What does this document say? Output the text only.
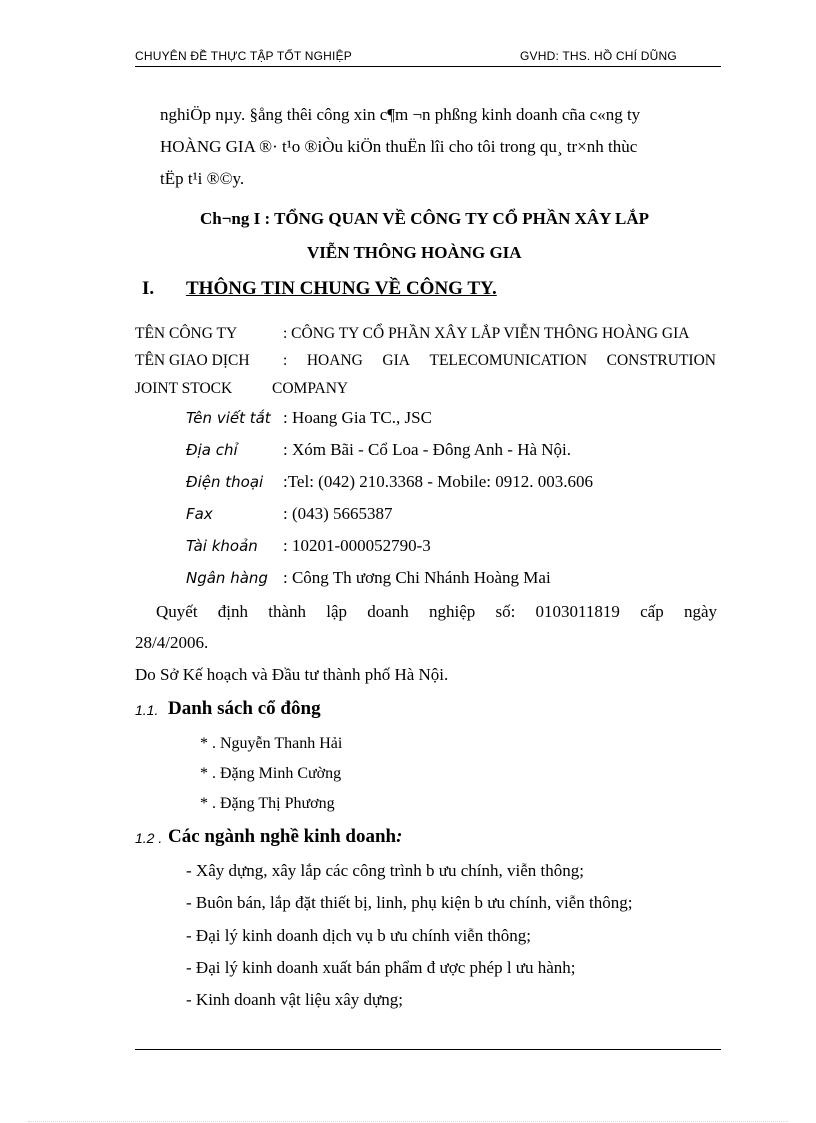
CHUYÊN ĐỀ THỰC TẬP TỐT NGHIỆP	GVHD: THS. HỒ CHÍ DŨNG
nghiÖp nµy. §ång thêi công xin c¶m ¬n phßng kinh doanh cña c«ng ty
HOÀNG GIA ®· t¹o ®iÒu kiÖn thuËn lîi cho tôi trong qu¸ tr×nh thùc
tËp t¹i ®©y.
Ch¬ng I : TỔNG QUAN VỀ CÔNG TY CỔ PHẦN XÂY LẮP
VIỄN THÔNG HOÀNG GIA
I. THÔNG TIN CHUNG VỀ CÔNG TY.
TÊN CÔNG TY	: CÔNG TY CỔ PHẦN XÂY LẮP VIỄN THÔNG HOÀNG GIA
TÊN GIAO DỊCH : HOANG GIA TELECOMUNICATION CONSTRUTION
JOINT STOCK	COMPANY
Tên viết tắt : Hoang Gia TC., JSC
Địa chỉ	: Xóm Bãi - Cổ Loa - Đông Anh - Hà Nội.
Điện thoại :Tel: (042) 210.3368 - Mobile: 0912. 003.606
Fax	: (043) 5665387
Tài khoản : 10201-000052790-3
Ngân hàng : Công Th ương Chi Nhánh Hoàng Mai
Quyết định thành lập doanh nghiệp số: 0103011819 cấp ngày
28/4/2006.
Do Sở Kế hoạch và Đầu tư thành phố Hà Nội.
1.1. Danh sách cổ đông
* . Nguyễn Thanh Hải
* . Đặng Minh Cường
* . Đặng Thị Phương
1.2 . Các ngành nghề kinh doanh:
- Xây dựng, xây lắp các công trình b ưu chính, viễn thông;
- Buôn bán, lắp đặt thiết bị, linh, phụ kiện b ưu chính, viễn thông;
- Đại lý kinh doanh dịch vụ b ưu chính viễn thông;
- Đại lý kinh doanh xuất bán phẩm đ ược phép l ưu hành;
- Kinh doanh vật liệu xây dựng;
